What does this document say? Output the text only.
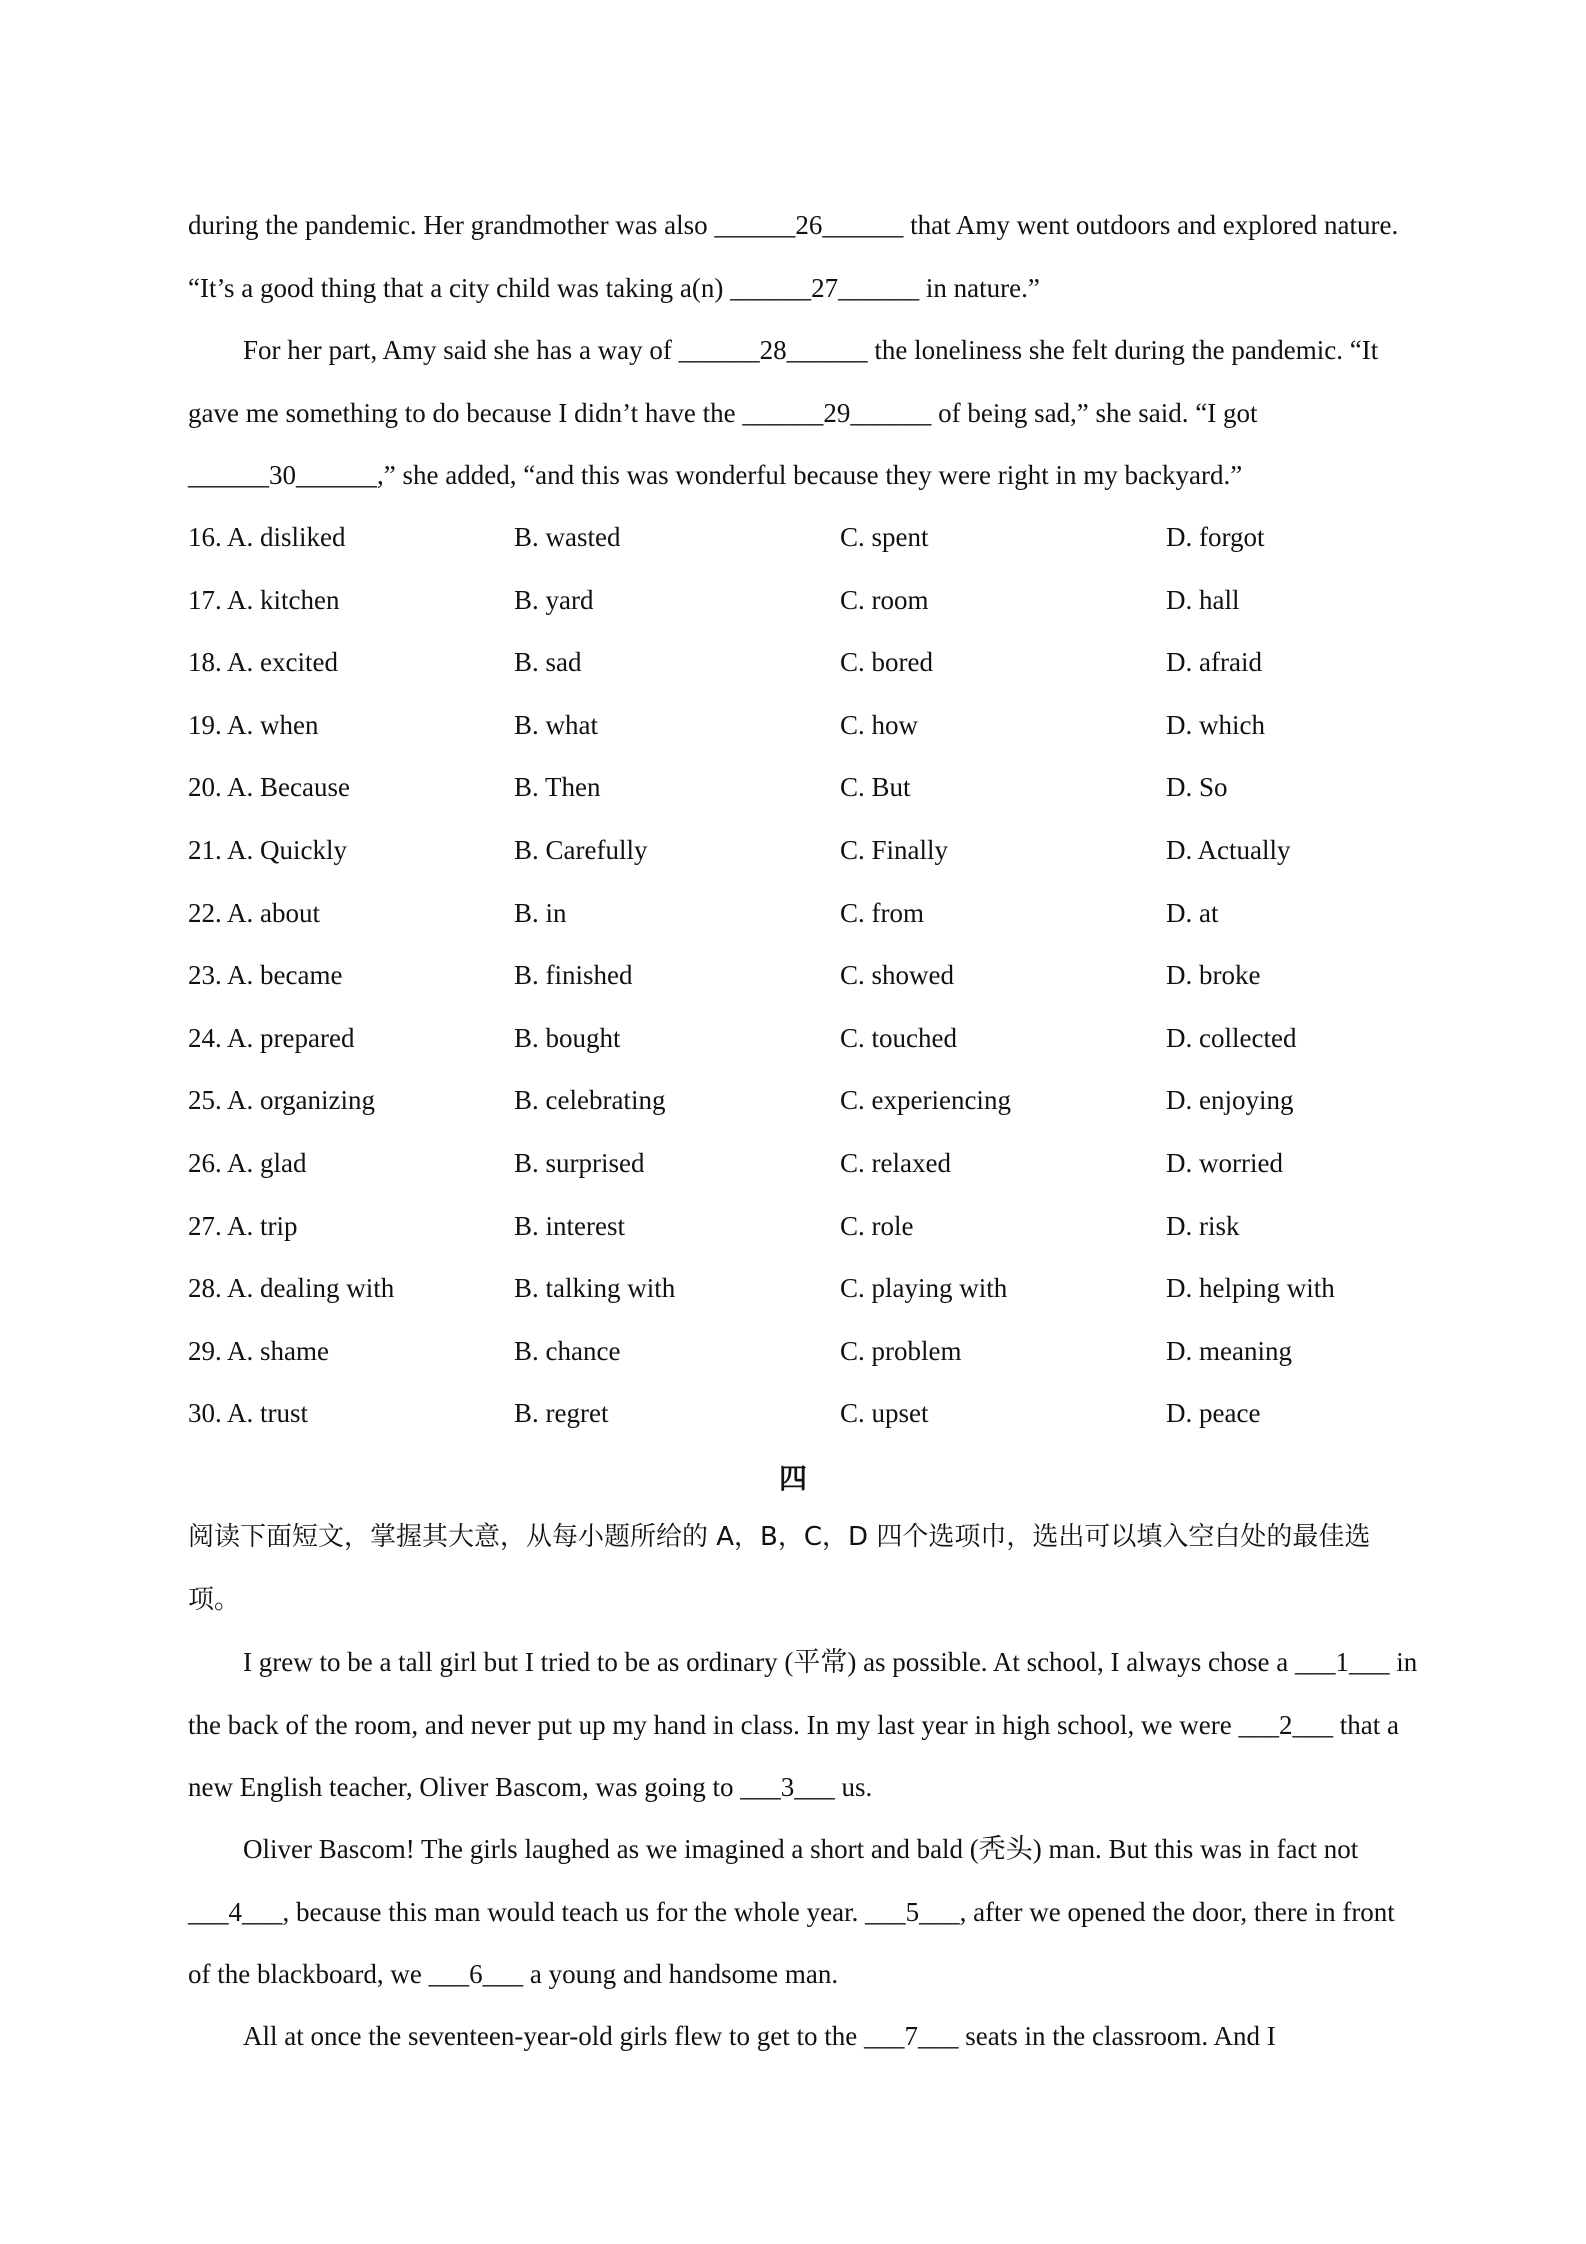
during the pandemic. Her grandmother was also ______26______ that Amy went outdoors and explored nature. “It’s a good thing that a city child was taking a(n) ______27______ in nature.”

For her part, Amy said she has a way of ______28______ the loneliness she felt during the pandemic. “It gave me something to do because I didn’t have the ______29______ of being sad,” she said. “I got ______30______,” she added, “and this was wonderful because they were right in my backyard.”

16. A. disliked	B. wasted	C. spent	D. forgot
17. A. kitchen	B. yard	C. room	D. hall
18. A. excited	B. sad	C. bored	D. afraid
19. A. when	B. what	C. how	D. which
20. A. Because	B. Then	C. But	D. So
21. A. Quickly	B. Carefully	C. Finally	D. Actually
22. A. about	B. in	C. from	D. at
23. A. became	B. finished	C. showed	D. broke
24. A. prepared	B. bought	C. touched	D. collected
25. A. organizing	B. celebrating	C. experiencing	D. enjoying
26. A. glad	B. surprised	C. relaxed	D. worried
27. A. trip	B. interest	C. role	D. risk
28. A. dealing with	B. talking with	C. playing with	D. helping with
29. A. shame	B. chance	C. problem	D. meaning
30. A. trust	B. regret	C. upset	D. peace
四

阅读下面短文，掌握其大意，从每小题所给的 A，B，C，D 四个选项巾，选出可以填入空白处的最佳选项。

I grew to be a tall girl but I tried to be as ordinary (平常) as possible. At school, I always chose a ___1___ in the back of the room, and never put up my hand in class. In my last year in high school, we were ___2___ that a new English teacher, Oliver Bascom, was going to ___3___ us.

Oliver Bascom! The girls laughed as we imagined a short and bald (秃头) man. But this was in fact not ___4___, because this man would teach us for the whole year. ___5___, after we opened the door, there in front of the blackboard, we ___6___ a young and handsome man.

All at once the seventeen-year-old girls flew to get to the ___7___ seats in the classroom. And I
